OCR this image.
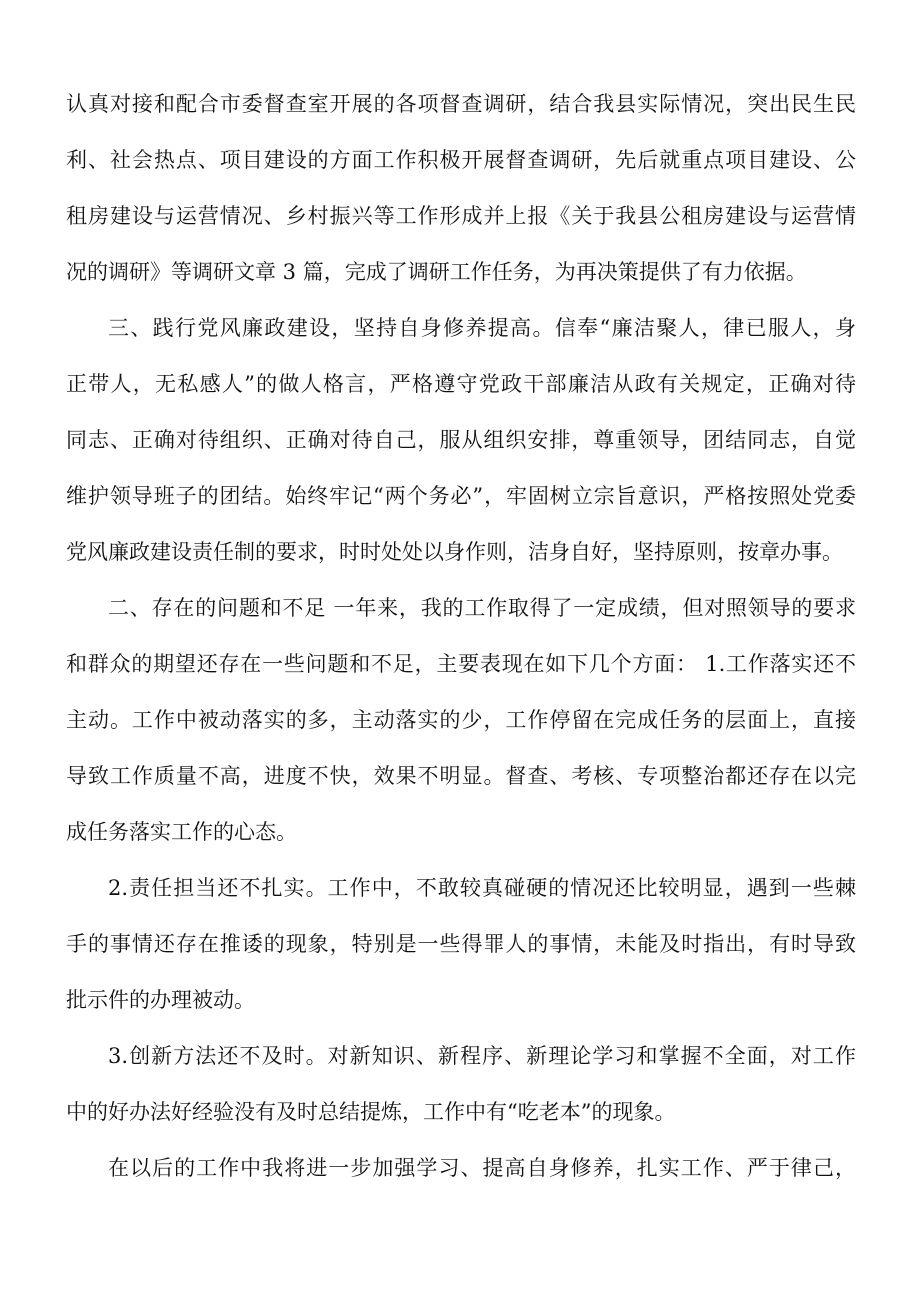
认真对接和配合市委督查室开展的各项督查调研，结合我县实际情况，突出民生民
利、社会热点、项目建设的方面工作积极开展督查调研，先后就重点项目建设、公
租房建设与运营情况、乡村振兴等工作形成并上报《关于我县公租房建设与运营情
况的调研》等调研文章 3 篇，完成了调研工作任务，为再决策提供了有力依据。
三、践行党风廉政建设，坚持自身修养提高。信奉“廉洁聚人，律已服人，身
正带人，无私感人”的做人格言，严格遵守党政干部廉洁从政有关规定，正确对待
同志、正确对待组织、正确对待自己，服从组织安排，尊重领导，团结同志，自觉
维护领导班子的团结。始终牢记“两个务必”，牢固树立宗旨意识，严格按照处党委
党风廉政建设责任制的要求，时时处处以身作则，洁身自好，坚持原则，按章办事。
二、存在的问题和不足 一年来，我的工作取得了一定成绩，但对照领导的要求
和群众的期望还存在一些问题和不足，主要表现在如下几个方面： 1.工作落实还不
主动。工作中被动落实的多，主动落实的少，工作停留在完成任务的层面上，直接
导致工作质量不高，进度不快，效果不明显。督查、考核、专项整治都还存在以完
成任务落实工作的心态。
2.责任担当还不扎实。工作中，不敢较真碰硬的情况还比较明显，遇到一些棘
手的事情还存在推诿的现象，特别是一些得罪人的事情，未能及时指出，有时导致
批示件的办理被动。
3.创新方法还不及时。对新知识、新程序、新理论学习和掌握不全面，对工作
中的好办法好经验没有及时总结提炼，工作中有“吃老本”的现象。
在以后的工作中我将进一步加强学习、提高自身修养，扎实工作、严于律己，
